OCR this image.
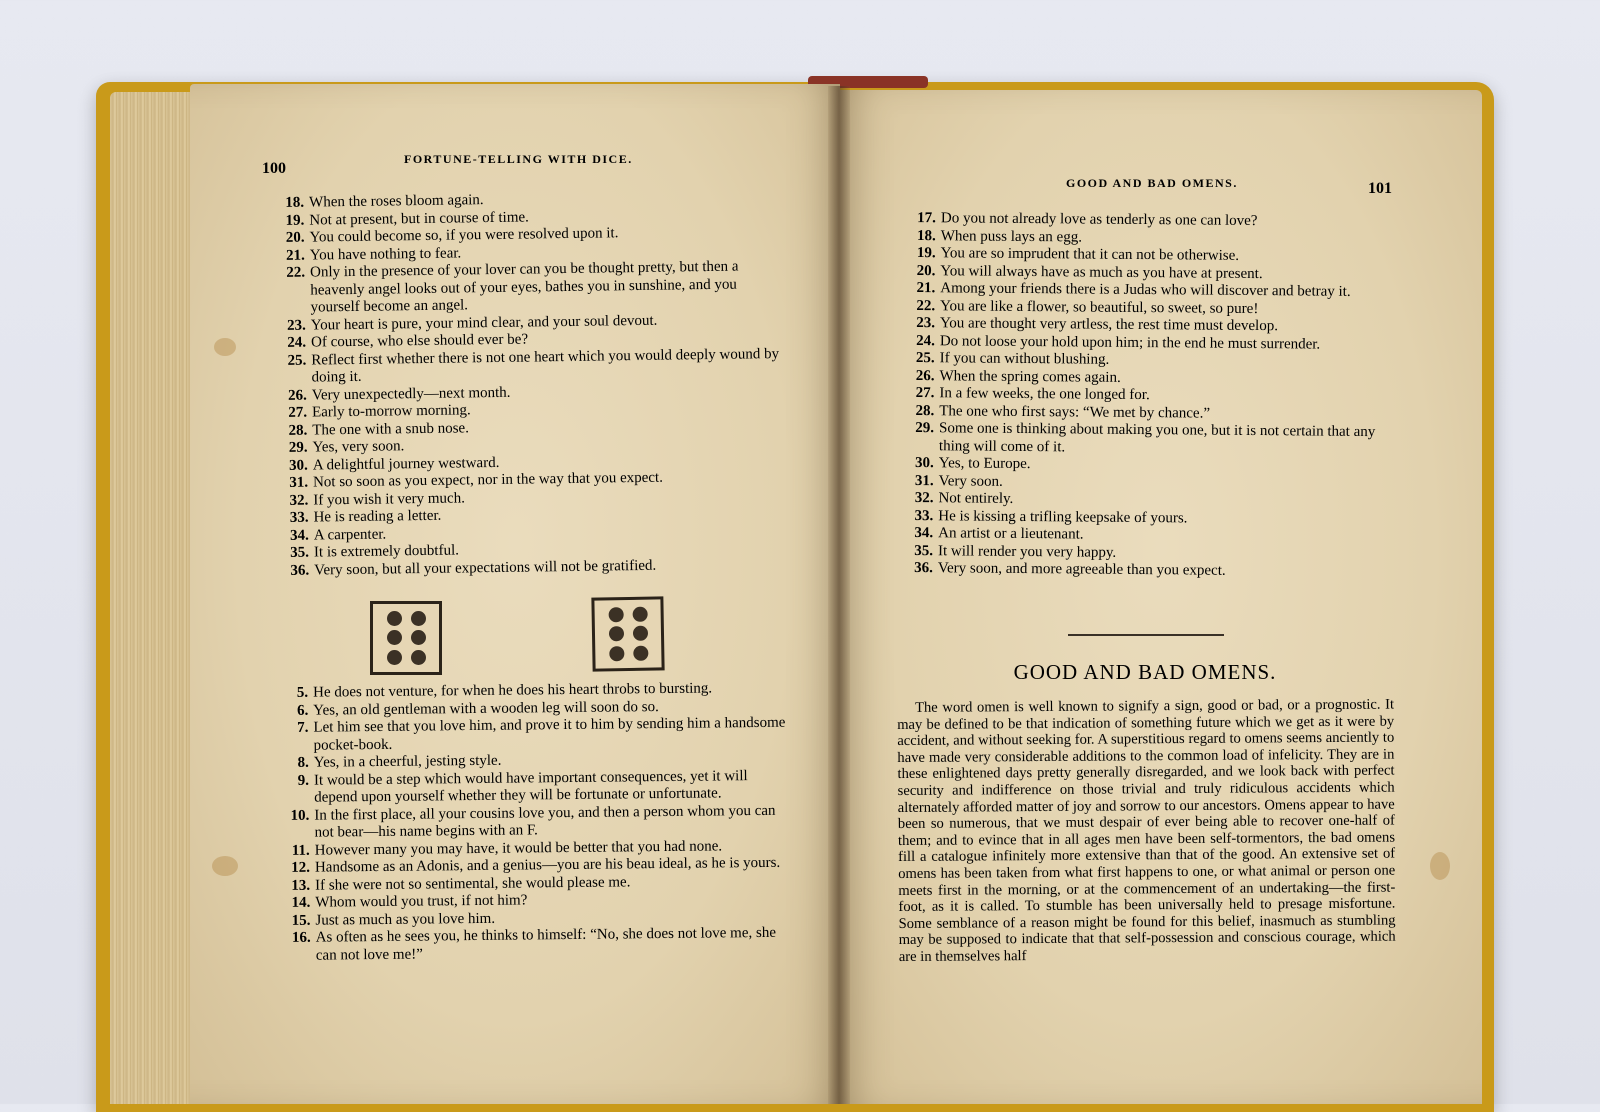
100
FORTUNE-TELLING WITH DICE.
18. When the roses bloom again.
19. Not at present, but in course of time.
20. You could become so, if you were resolved upon it.
21. You have nothing to fear.
22. Only in the presence of your lover can you be thought pretty, but then a heavenly angel looks out of your eyes, bathes you in sunshine, and you yourself become an angel.
23. Your heart is pure, your mind clear, and your soul devout.
24. Of course, who else should ever be?
25. Reflect first whether there is not one heart which you would deeply wound by doing it.
26. Very unexpectedly—next month.
27. Early to-morrow morning.
28. The one with a snub nose.
29. Yes, very soon.
30. A delightful journey westward.
31. Not so soon as you expect, nor in the way that you expect.
32. If you wish it very much.
33. He is reading a letter.
34. A carpenter.
35. It is extremely doubtful.
36. Very soon, but all your expectations will not be gratified.
5. He does not venture, for when he does his heart throbs to bursting.
6. Yes, an old gentleman with a wooden leg will soon do so.
7. Let him see that you love him, and prove it to him by sending him a handsome pocket-book.
8. Yes, in a cheerful, jesting style.
9. It would be a step which would have important consequences, yet it will depend upon yourself whether they will be fortunate or unfortunate.
10. In the first place, all your cousins love you, and then a person whom you can not bear—his name begins with an F.
11. However many you may have, it would be better that you had none.
12. Handsome as an Adonis, and a genius—you are his beau ideal, as he is yours.
13. If she were not so sentimental, she would please me.
14. Whom would you trust, if not him?
15. Just as much as you love him.
16. As often as he sees you, he thinks to himself: “No, she does not love me, she can not love me!”
GOOD AND BAD OMENS.	101
17. Do you not already love as tenderly as one can love?
18. When puss lays an egg.
19. You are so imprudent that it can not be otherwise.
20. You will always have as much as you have at present.
21. Among your friends there is a Judas who will discover and betray it.
22. You are like a flower, so beautiful, so sweet, so pure!
23. You are thought very artless, the rest time must develop.
24. Do not loose your hold upon him; in the end he must surrender.
25. If you can without blushing.
26. When the spring comes again.
27. In a few weeks, the one longed for.
28. The one who first says: “We met by chance.”
29. Some one is thinking about making you one, but it is not certain that any thing will come of it.
30. Yes, to Europe.
31. Very soon.
32. Not entirely.
33. He is kissing a trifling keepsake of yours.
34. An artist or a lieutenant.
35. It will render you very happy.
36. Very soon, and more agreeable than you expect.
GOOD AND BAD OMENS.

The word omen is well known to signify a sign, good or bad, or a prognostic. It may be defined to be that indication of something future which we get as it were by accident, and without seeking for. A superstitious regard to omens seems anciently to have made very considerable additions to the common load of infelicity. They are in these enlightened days pretty generally disregarded, and we look back with perfect security and indifference on those trivial and truly ridiculous accidents which alternately afforded matter of joy and sorrow to our ancestors. Omens appear to have been so numerous, that we must despair of ever being able to recover one-half of them; and to evince that in all ages men have been self-tormentors, the bad omens fill a catalogue infinitely more extensive than that of the good. An extensive set of omens has been taken from what first happens to one, or what animal or person one meets first in the morning, or at the commencement of an undertaking—the first-foot, as it is called. To stumble has been universally held to presage misfortune. Some semblance of a reason might be found for this belief, inasmuch as stumbling may be supposed to indicate that that self-possession and conscious courage, which are in themselves half
